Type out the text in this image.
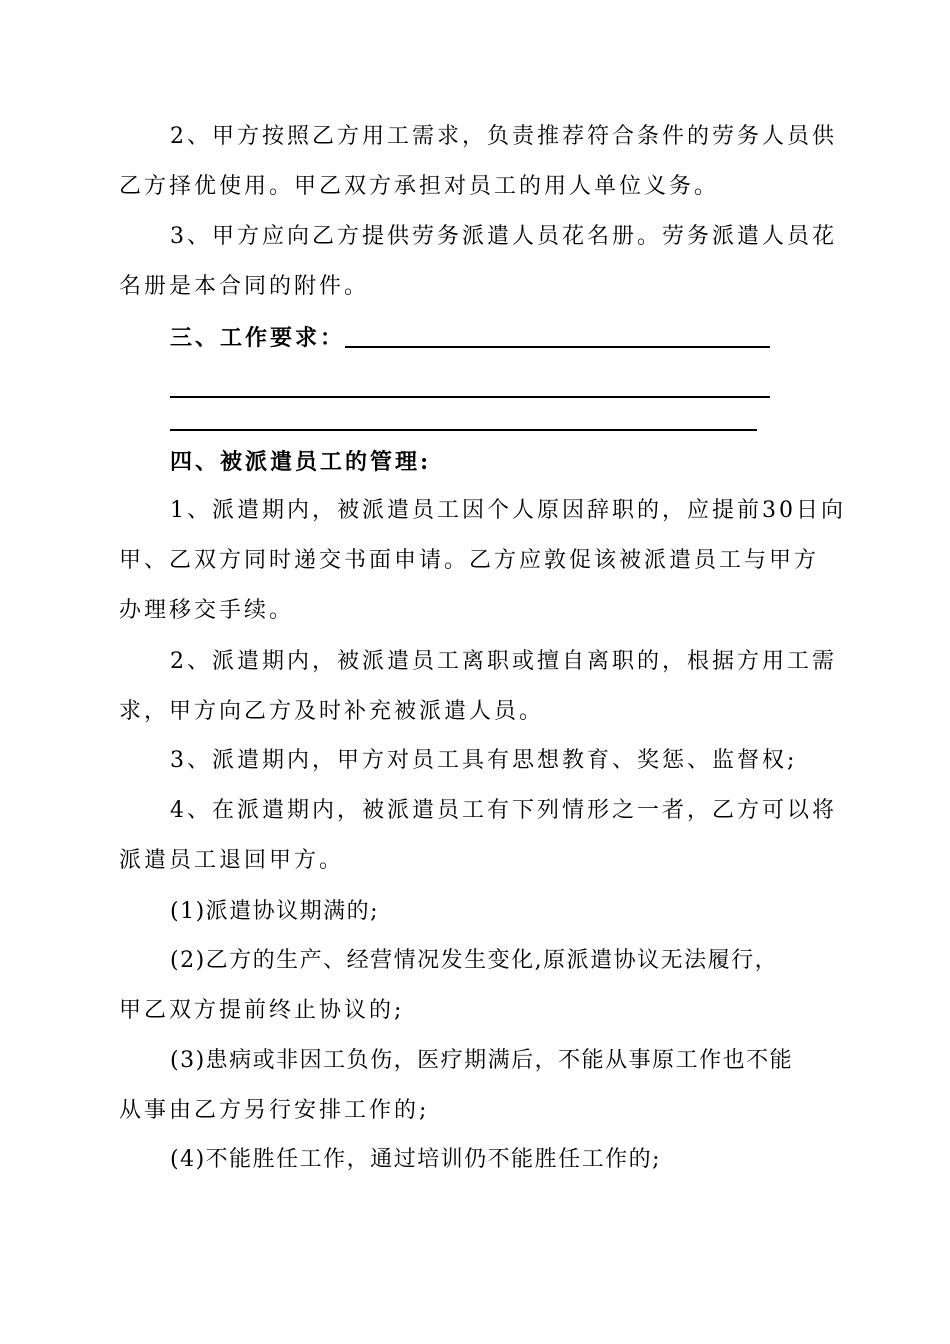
2、甲方按照乙方用工需求，负责推荐符合条件的劳务人员供
乙方择优使用。甲乙双方承担对员工的用人单位义务。
3、甲方应向乙方提供劳务派遣人员花名册。劳务派遣人员花
名册是本合同的附件。
三、工作要求：
四、被派遣员工的管理:
1、派遣期内，被派遣员工因个人原因辞职的，应提前30日向
甲、乙双方同时递交书面申请。乙方应敦促该被派遣员工与甲方
办理移交手续。
2、派遣期内，被派遣员工离职或擅自离职的，根据方用工需
求，甲方向乙方及时补充被派遣人员。
3、派遣期内，甲方对员工具有思想教育、奖惩、监督权;
4、在派遣期内，被派遣员工有下列情形之一者，乙方可以将
派遣员工退回甲方。
(1)派遣协议期满的;
(2)乙方的生产、经营情况发生变化,原派遣协议无法履行，
甲乙双方提前终止协议的;
(3)患病或非因工负伤，医疗期满后，不能从事原工作也不能
从事由乙方另行安排工作的;
(4)不能胜任工作，通过培训仍不能胜任工作的;
